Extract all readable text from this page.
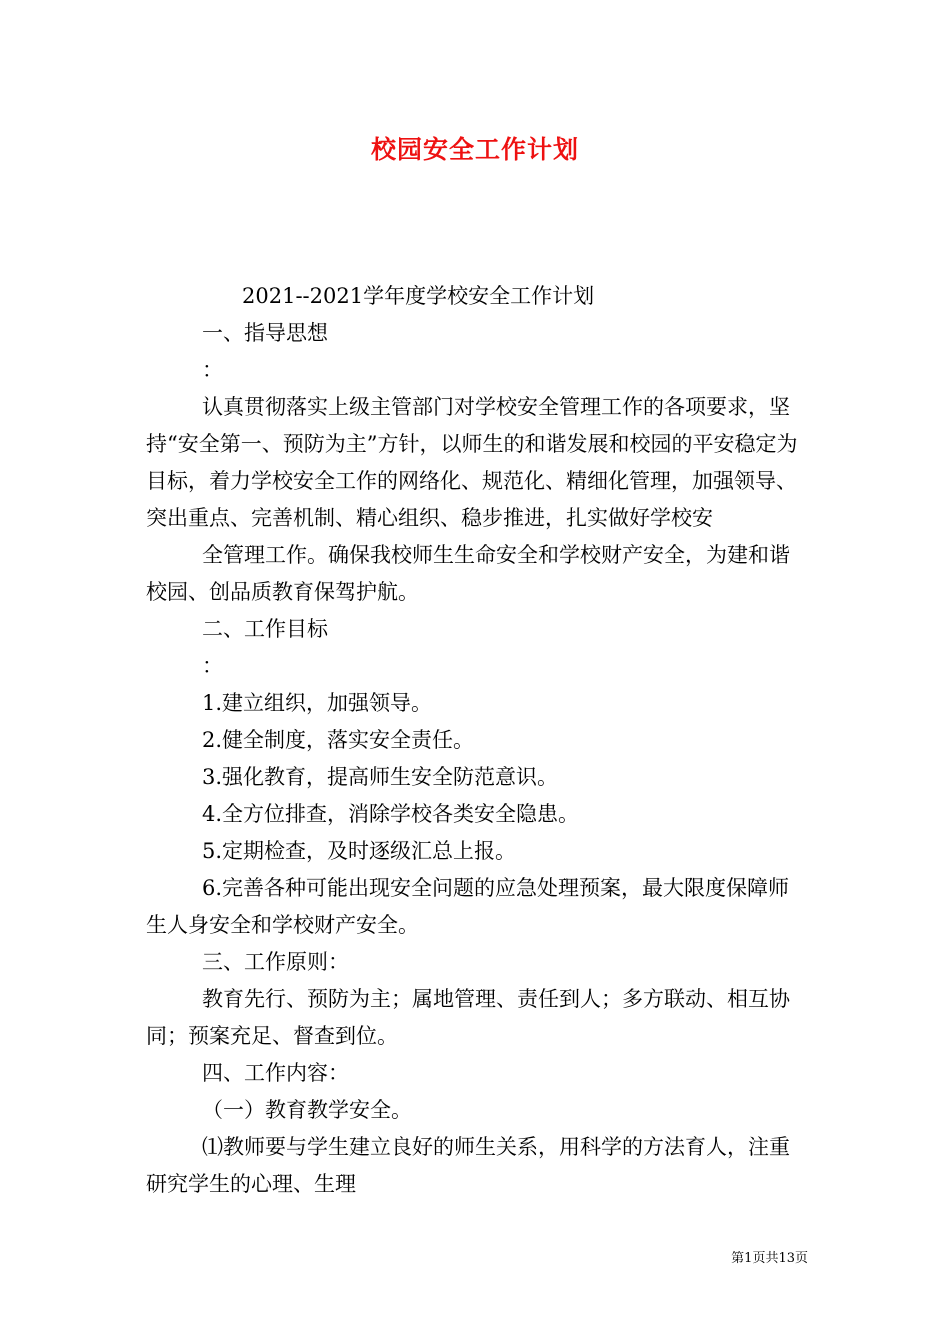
校园安全工作计划

2021--2021学年度学校安全工作计划

一、指导思想

：

认真贯彻落实上级主管部门对学校安全管理工作的各项要求，坚持“安全第一、预防为主”方针，以师生的和谐发展和校园的平安稳定为目标，着力学校安全工作的网络化、规范化、精细化管理，加强领导、突出重点、完善机制、精心组织、稳步推进，扎实做好学校安

全管理工作。确保我校师生生命安全和学校财产安全，为建和谐校园、创品质教育保驾护航。

二、工作目标

：

1.建立组织，加强领导。

2.健全制度，落实安全责任。

3.强化教育，提高师生安全防范意识。

4.全方位排查，消除学校各类安全隐患。

5.定期检查，及时逐级汇总上报。

6.完善各种可能出现安全问题的应急处理预案，最大限度保障师生人身安全和学校财产安全。

三、工作原则：

教育先行、预防为主；属地管理、责任到人；多方联动、相互协同；预案充足、督查到位。

四、工作内容：

（一）教育教学安全。

⑴教师要与学生建立良好的师生关系，用科学的方法育人，注重研究学生的心理、生理

第1页共13页
